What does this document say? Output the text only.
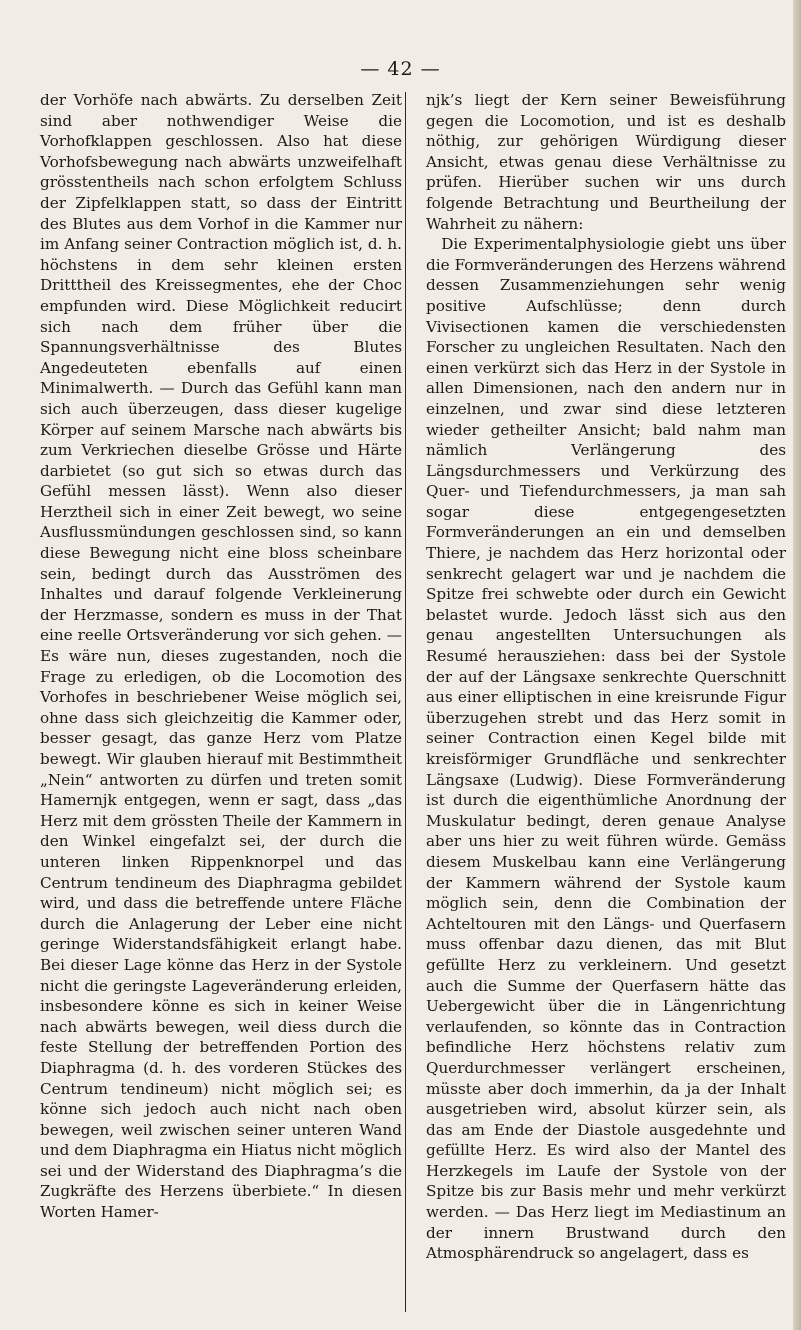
— 42 —

der Vorhöfe nach abwärts. Zu derselben Zeit sind aber nothwendiger Weise die Vorhofklappen geschlossen. Also hat diese Vorhofsbewegung nach abwärts unzweifelhaft grösstentheils nach schon erfolgtem Schluss der Zipfelklappen statt, so dass der Eintritt des Blutes aus dem Vorhof in die Kammer nur im Anfang seiner Contraction möglich ist, d. h. höchstens in dem sehr kleinen ersten Dritttheil des Kreissegmentes, ehe der Choc empfunden wird. Diese Möglichkeit reducirt sich nach dem früher über die Spannungsverhältnisse des Blutes Angedeuteten ebenfalls auf einen Minimalwerth. — Durch das Gefühl kann man sich auch überzeugen, dass dieser kugelige Körper auf seinem Marsche nach abwärts bis zum Verkriechen dieselbe Grösse und Härte darbietet (so gut sich so etwas durch das Gefühl messen lässt). Wenn also dieser Herztheil sich in einer Zeit bewegt, wo seine Ausflussmündungen geschlossen sind, so kann diese Bewegung nicht eine bloss scheinbare sein, bedingt durch das Ausströmen des Inhaltes und darauf folgende Verkleinerung der Herzmasse, sondern es muss in der That eine reelle Ortsveränderung vor sich gehen. — Es wäre nun, dieses zugestanden, noch die Frage zu erledigen, ob die Locomotion des Vorhofes in beschriebener Weise möglich sei, ohne dass sich gleichzeitig die Kammer oder, besser gesagt, das ganze Herz vom Platze bewegt. Wir glauben hierauf mit Bestimmtheit „Nein“ antworten zu dürfen und treten somit Hamernjk entgegen, wenn er sagt, dass „das Herz mit dem grössten Theile der Kammern in den Winkel eingefalzt sei, der durch die unteren linken Rippenknorpel und das Centrum tendineum des Diaphragma gebildet wird, und dass die betreffende untere Fläche durch die Anlagerung der Leber eine nicht geringe Widerstandsfähigkeit erlangt habe. Bei dieser Lage könne das Herz in der Systole nicht die geringste Lageveränderung erleiden, insbesondere könne es sich in keiner Weise nach abwärts bewegen, weil diess durch die feste Stellung der betreffenden Portion des Diaphragma (d. h. des vorderen Stückes des Centrum tendineum) nicht möglich sei; es könne sich jedoch auch nicht nach oben bewegen, weil zwischen seiner unteren Wand und dem Diaphragma ein Hiatus nicht möglich sei und der Widerstand des Diaphragma’s die Zugkräfte des Herzens überbiete.“ In diesen Worten Hamer-

njk’s liegt der Kern seiner Beweisführung gegen die Locomotion, und ist es deshalb nöthig, zur gehörigen Würdigung dieser Ansicht, etwas genau diese Verhältnisse zu prüfen. Hierüber suchen wir uns durch folgende Betrachtung und Beurtheilung der Wahrheit zu nähern:

Die Experimentalphysiologie giebt uns über die Formveränderungen des Herzens während dessen Zusammenziehungen sehr wenig positive Aufschlüsse; denn durch Vivisectionen kamen die verschiedensten Forscher zu ungleichen Resultaten. Nach den einen verkürzt sich das Herz in der Systole in allen Dimensionen, nach den andern nur in einzelnen, und zwar sind diese letzteren wieder getheilter Ansicht; bald nahm man nämlich Verlängerung des Längsdurchmessers und Verkürzung des Quer- und Tiefendurchmessers, ja man sah sogar diese entgegengesetzten Formveränderungen an ein und demselben Thiere, je nachdem das Herz horizontal oder senkrecht gelagert war und je nachdem die Spitze frei schwebte oder durch ein Gewicht belastet wurde. Jedoch lässt sich aus den genau angestellten Untersuchungen als Resumé herausziehen: dass bei der Systole der auf der Längsaxe senkrechte Querschnitt aus einer elliptischen in eine kreisrunde Figur überzugehen strebt und das Herz somit in seiner Contraction einen Kegel bilde mit kreisförmiger Grundfläche und senkrechter Längsaxe (Ludwig). Diese Formveränderung ist durch die eigenthümliche Anordnung der Muskulatur bedingt, deren genaue Analyse aber uns hier zu weit führen würde. Gemäss diesem Muskelbau kann eine Verlängerung der Kammern während der Systole kaum möglich sein, denn die Combination der Achteltouren mit den Längs- und Querfasern muss offenbar dazu dienen, das mit Blut gefüllte Herz zu verkleinern. Und gesetzt auch die Summe der Querfasern hätte das Uebergewicht über die in Längenrichtung verlaufenden, so könnte das in Contraction befindliche Herz höchstens relativ zum Querdurchmesser verlängert erscheinen, müsste aber doch immerhin, da ja der Inhalt ausgetrieben wird, absolut kürzer sein, als das am Ende der Diastole ausgedehnte und gefüllte Herz. Es wird also der Mantel des Herzkegels im Laufe der Systole von der Spitze bis zur Basis mehr und mehr verkürzt werden. — Das Herz liegt im Mediastinum an der innern Brustwand durch den Atmosphärendruck so angelagert, dass es
